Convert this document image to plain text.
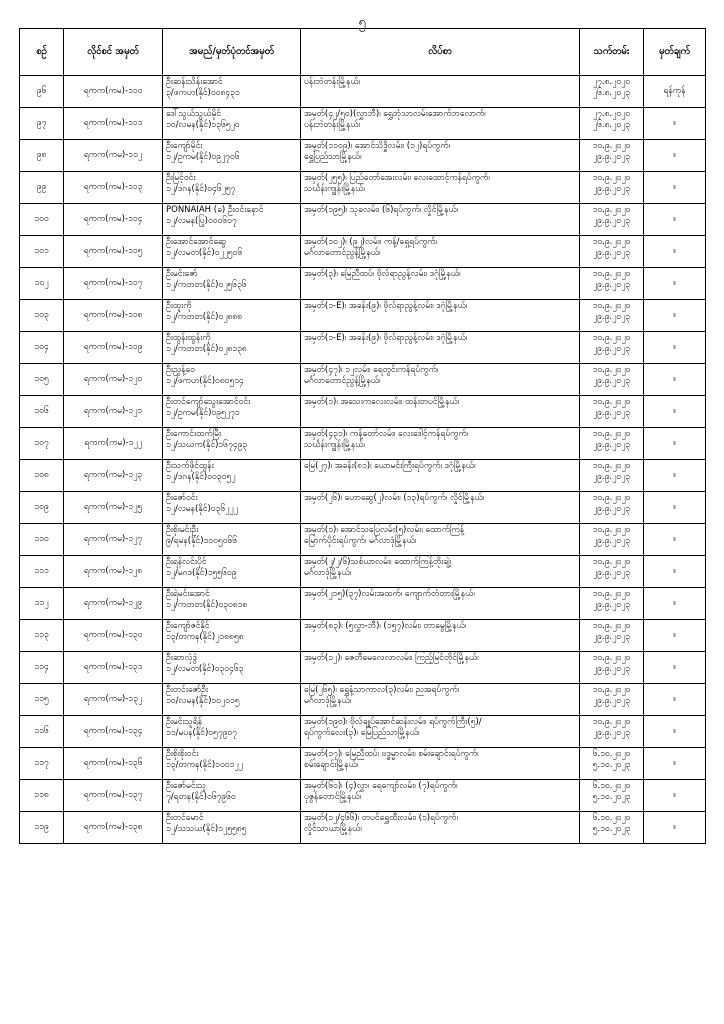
၅
စဉ်	လိုင်စင် အမှတ်	အမည်/မှတ်ပုံတင်အမှတ်	လိပ်စာ	သက်တမ်း	မှတ်ချက်
၉၆	ရကက(ကမ)-၁၁၀	ဦးဆန်းသိန်းအောင်
၃/ဖကဟ(နိုင်)၀၀၈၄၃၁	ပန်းဘဲတန်းမြို့နယ်၊	၂၇.၈.၂၀၂၀
၂၆.၈.၂၀၂၃	ရန်ကုန်
၉၇	ရကက(ကမ)-၁၁၁	ဒေါ်သွယ်သွယ်မိုင်
၁၀/လမန(နိုင်)၁၃၆၅၂၀	အမှတ်(၄၂/၅၀)(လွှာဘီ)၊ ရွှေဘုံသာလမ်းအောက်ဘလောက်၊
ပန်းဘဲတန်းမြို့နယ်၊	၂၇.၈.၂၀၂၀
၂၆.၈.၂၀၂၃	။
၉၈	ရကက(ကမ)-၁၁၂	ဦးကျော်မိုင်း
၁၂/ဥကမ(နိုင်)၀၉၂၇၀၆	အမှတ်(၁၁၀၉)၊ အောင်သိဒ္ဓိလမ်း၊ (၁၂)ရပ်ကွက်၊
ရွှေပြည်သာမြို့နယ်၊	၁၀.၉.၂၀၂၀
၂၉.၉.၂၀၂၃	။
၉၉	ရကက(ကမ)-၁၁၃	ဦးမြင့်ဝင်း
၁၂/ဒဂန(နိုင်)၀၄၆၂၅၇	အမှတ်(၂၅၅)၊ ပြည်တော်အေးလမ်း၊ လေးထောင့်ကန်ရပ်ကွက်၊
သင်္ဃန်းကျွန်းမြို့နယ်၊	၁၀.၉.၂၀၂၀
၂၉.၉.၂၀၂၃	။
၁၀၀	ရကက(ကမ)-၁၁၄	PONNAIAH (ခ) ဦးဝင်းနောင်
၁၂/လမန(ပြု)၀၀၀၆၀၇	အမှတ်(၁၉၅)၊ သုခလမ်း၊ (၆)ရပ်ကွက်၊ လှိုင်မြို့နယ်၊	၁၀.၉.၂၀၂၀
၂၉.၉.၂၀၂၃	။
၁၀၁	ရကက(ကမ)-၁၁၅	ဦးအောင်အောင်ဆွေ
၁၂/လမတ(နိုင်)၀၂၂၅၀၆	အမှတ်(၁၀၂)၊ (၉၂)လမ်း၊ ကန့်/ရှေ့ရပ်ကွက်၊
မင်္ဂလာတောင်ညွန့်မြို့နယ်၊	၁၀.၉.၂၀၂၀
၂၉.၉.၂၀၂၃	။
၁၀၂	ရကက(ကမ)-၁၁၇	ဦးမင်းဇော်
၁၂/ကတတ(နိုင်)၀၂၅၆၃၆	အမှတ်(၃)၊ မြေညီထပ်၊ ဗိုလ်ရာညွန့်လမ်း၊ ဒဂုံမြို့နယ်၊	၁၀.၉.၂၀၂၀
၂၉.၉.၂၀၂၃	။
၁၀၃	ရကက(ကမ)-၁၁၈	ဦးထူးကို
၁၂/ကတတ(နိုင်)၀၂၈၈၈	အမှတ်(၁-E)၊ အခန်း(၉)၊ ဗိုလ်ရာညွန့်လမ်း၊ ဒဂုံမြို့နယ်၊	၁၀.၉.၂၀၂၀
၂၉.၉.၂၀၂၃	။
၁၀၄	ရကက(ကမ)-၁၁၉	ဦးထွန်းထွန်းကို
၁၂/ကတတ(နိုင်)၀၂၈၁၃၈	အမှတ်(၁-E)၊ အခန်း(၉)၊ ဗိုလ်ရာညွန့်လမ်း၊ ဒဂုံမြို့နယ်၊	၁၀.၉.၂၀၂၀
၂၉.၉.၂၀၂၃	။
၁၀၅	ရကက(ကမ)-၁၂၀	ဦးညွှန့်ဝေ
၁၂/ဖကဟ(နိုင်)၀၈၀၅၁၄	အမှတ်(၄၇)၊ ၁၂လမ်း၊ ရေတွင်းကန်ရပ်ကွက်၊
မင်္ဂလာတောင်ညွန့်မြို့နယ်၊	၁၀.၉.၂၀၂၀
၂၉.၉.၂၀၂၃	။
၁၀၆	ရကက(ကမ)-၁၂၁	ဦးတင်ကျော်သွေးအောင်ဝင်း
၁၂/ဥကမ(နိုင်)၀၉၅၂၇၁	အမှတ်(၁)၊ အသေးကလေးလမ်း၊ ထန်းတပင်မြို့နယ်၊	၁၀.၉.၂၀၂၀
၂၉.၉.၂၀၂၃	။
၁၀၇	ရကက(ကမ)-၁၂၂	ဦးကောင်းထက်မြီး
၁၂/သဃက(နိုင်)၁၆၇၄၉၃	အမှတ်(၄၃၁)၊ ကန့်တော်လမ်း၊ လေးဒေါင့်ကန်ရပ်ကွက်၊
သင်္ဃန်းကျွန်းမြို့နယ်၊	၁၀.၉.၂၀၂၀
၂၉.၉.၂၀၂၃	။
၁၀၈	ရကက(ကမ)-၁၂၃	ဦးသက်ဖိုင်ထွန်း
၁၂/ဒဂန(နိုင်)၀၀၃၀၅၂	မြေ(၂၇)၊ အခန်း(၈၁)၊ ယောမင်းကြီးရပ်ကွက်၊ ဒဂုံမြို့နယ်၊	၁၀.၉.၂၀၂၀
၂၉.၉.၂၀၂၃	။
၁၀၉	ရကက(ကမ)-၁၂၅	ဦးဇော်ဝင်း
၁၂/လမန(နိုင်)၀၃၆၂၂၂	အမှတ်(၂၆)၊ ဟောဆွေ(၂)လမ်း၊ (၁၃)ရပ်ကွက်၊ လှိုင်မြို့နယ်၊	၁၀.၉.၂၀၂၀
၂၉.၉.၂၀၂၃	။
၁၁၀	ရကက(ကမ)-၁၂၇	ဦးစိုးမင်းဦး
၉/ရမန(နိုင်)၁၀၀၅၀၆၆	အမှတ်(၁)၊ အောင်သပြေလမ်း(၅)လမ်း၊ ထောက်ကြန့်
မြောက်ပိုင်းရပ်ကွက်၊ မင်္ဂလာဒုံမြို့နယ်၊	၁၀.၉.၂၀၂၀
၂၉.၉.၂၀၂၃	။
၁၁၁	ရကက(ကမ)-၁၂၈	ဦးရန်လင်းပိုင်
၁၂/မဂဒ(နိုင်)၁၅၅၆၀၉	အမှတ်(၂/၂/၆)သစ်ယာလမ်း၊ ထောက်ကြန့်တိုးချဲ့၊
မင်္ဂလာဒုံမြို့နယ်၊	၁၀.၉.၂၀၂၀
၂၉.၉.၂၀၂၃	။
၁၁၂	ရကက(ကမ)-၁၂၉	ဦးရဲမင်းအောင်
၁၂/ကတတ(နိုင်)၀၃၀၈၁၈	အမှတ်(၂၁၅)(၃၇)လမ်းအထက်၊ ကျောက်တံတားမြို့နယ်၊	၁၀.၉.၂၀၂၀
၂၉.၉.၂၀၂၃	။
၁၁၃	ရကက(ကမ)-၁၃၀	ဦးကျော်ဇင်နိုင်
၁၃/တကန(နိုင်)၂၁၈၈၅၈	အမှတ်(၈၃)၊ (၅လွှာ-ဘီ)၊ (၁၅၇)လမ်း၊ တာမွေမြို့နယ်၊	၁၀.၉.၂၀၂၀
၂၉.၉.၂၀၂၃	။
၁၁၄	ရကက(ကမ)-၁၃၁	ဦးဆာလုံဒွဲ
၁၂/လမတ(နိုင်)၀၃၀၄၆၃	အမှတ်(၁၂)၊ ဇေတီမေလေလာလမ်း၊ ကြည့်မြင်တိုင်မြို့နယ်၊	၁၀.၉.၂၀၂၀
၂၉.၉.၂၀၂၃	။
၁၁၅	ရကက(ကမ)-၁၃၂	ဦးတင်းဇော်ဦး
၁၀/လမန(နိုင်)၁၀၂၀၁၅	မြေ(၂၆၅)၊ ရွှေနံ့သာကာလ(၃)လမ်း၊ ညအရပ်ကွက်၊
မင်္ဂလာဒုံမြို့နယ်၊	၁၀.၉.၂၀၂၀
၂၉.၉.၂၀၂၃	။
၁၁၆	ရကက(ကမ)-၁၃၄	ဦးမင်းသူရိန်
၁၁/မပန(နိုင်)၀၅၇၉၀၇	အမှတ်(၁၉၀)၊ ဗိုလ်ချုပ်အောင်ဆန်းလမ်း၊ ရပ်ကွက်ကြီး(၅)/
ရပ်ကွက်လေး(၃)၊ မြေပြည်သာမြို့နယ်၊	၁၀.၉.၂၀၂၀
၂၉.၉.၂၀၂၃	။
၁၁၇	ရကက(ကမ)-၁၃၆	ဦးစိုးစိုးဝင်း
၁၃/တကန(နိုင်)၁၀၀၁၂၂	အမှတ်(၁၇)၊ မြေညီထပ်၊ ဗဒ္ဓမ္မာလမ်း၊ စမ်းချောင်းရပ်ကွက်၊
စမ်းချောင်းမြို့နယ်၊	၆.၁၀.၂၀၂၀
၅.၁၀.၂၀၂၃	။
၁၁၈	ရကက(ကမ)-၁၃၇	ဦးဇော်မင်းသူ
၇/ရတန(နိုင်)၀၆၇၉၆၀	အမှတ်(၆၀)၊ (၄)လွှာ၊ ရေကျော်လမ်း၊ (၇)ရပ်ကွက်၊
ပုဇွန်တောင်မြို့နယ်၊	၆.၁၀.၂၀၂၀
၅.၁၀.၂၀၂၃	။
၁၁၉	ရကက(ကမ)-၁၃၈	ဦးတင်မောင်
၁၂/သသယ(နိုင်)၁၂၅၅၈၅	အမှတ်(၁၂/၄၆၆)၊ တပင်ရွှေထီးလမ်း၊ (၁)ရပ်ကွက်၊
လှိုင်သာယာမြို့နယ်၊	၆.၁၀.၂၀၂၀
၅.၁၀.၂၀၂၃	။
